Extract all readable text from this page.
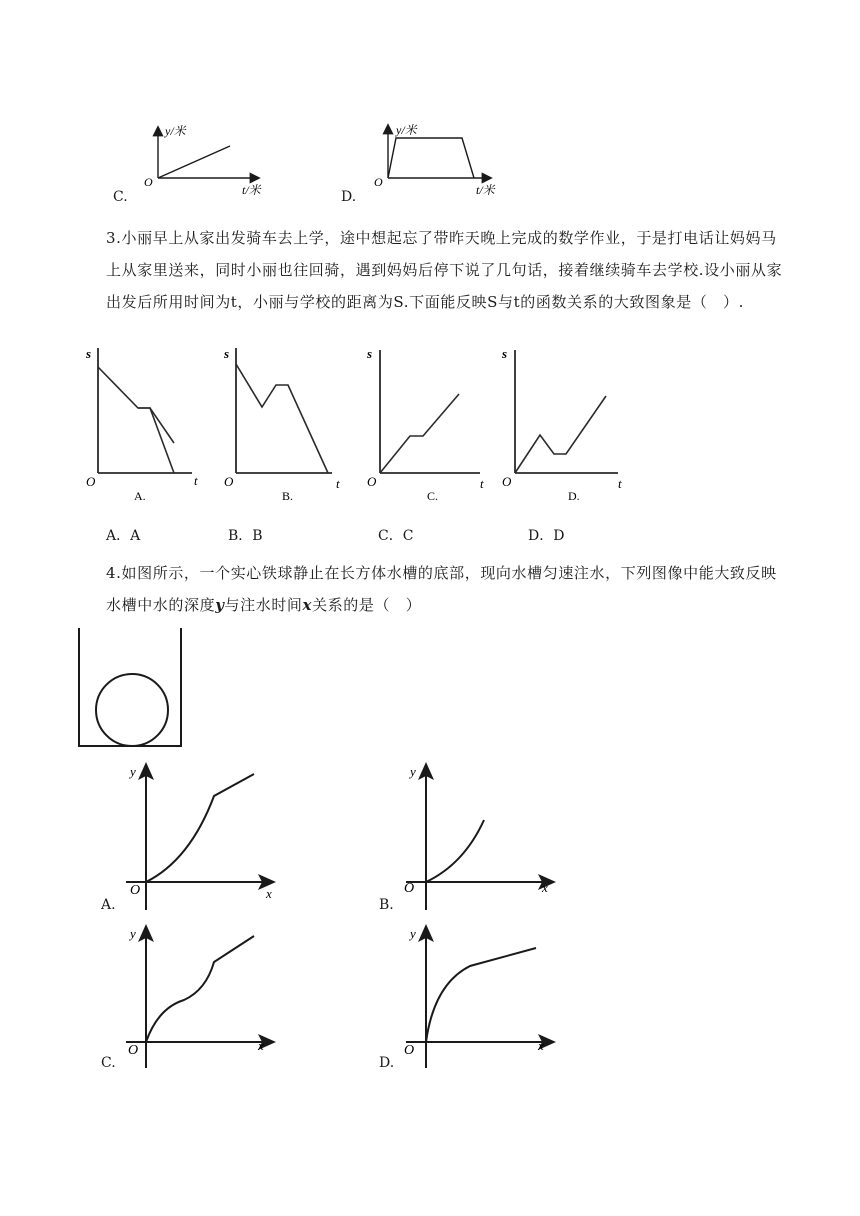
y/米
t/米
O
C.
y/米
t/米
O
D.
3.小丽早上从家出发骑车去上学，途中想起忘了带昨天晚上完成的数学作业，于是打电话让妈妈马上从家里送来，同时小丽也往回骑，遇到妈妈后停下说了几句话，接着继续骑车去学校.设小丽从家出发后所用时间为t，小丽与学校的距离为S.下面能反映S与t的函数关系的大致图象是（　）.
s
t
O
A.
s
t
O
B.
s
t
O
C.
s
t
O
D.
A．A	B．B	C．C	D．D
4.如图所示，一个实心铁球静止在长方体水槽的底部，现向水槽匀速注水，下列图像中能大致反映水槽中水的深度y与注水时间x关系的是（　）
y
x
O
A.
y
x
O
B.
y
x
O
C.
y
x
O
D.
